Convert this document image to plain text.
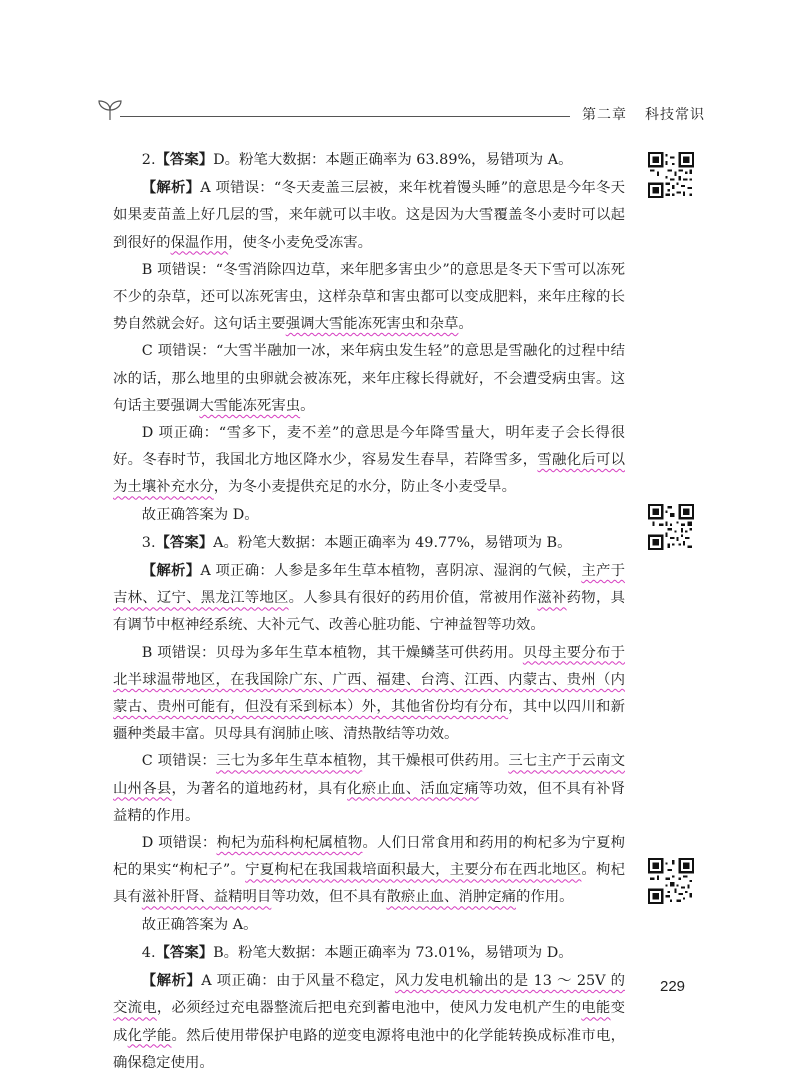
第二章 科技常识

2.【答案】D。粉笔大数据：本题正确率为 63.89%，易错项为 A。

【解析】A 项错误：“冬天麦盖三层被，来年枕着馒头睡”的意思是今年冬天如果麦苗盖上好几层的雪，来年就可以丰收。这是因为大雪覆盖冬小麦时可以起到很好的保温作用，使冬小麦免受冻害。

B 项错误：“冬雪消除四边草，来年肥多害虫少”的意思是冬天下雪可以冻死不少的杂草，还可以冻死害虫，这样杂草和害虫都可以变成肥料，来年庄稼的长势自然就会好。这句话主要强调大雪能冻死害虫和杂草。

C 项错误：“大雪半融加一冰，来年病虫发生轻”的意思是雪融化的过程中结冰的话，那么地里的虫卵就会被冻死，来年庄稼长得就好，不会遭受病虫害。这句话主要强调大雪能冻死害虫。

D 项正确：“雪多下，麦不差”的意思是今年降雪量大，明年麦子会长得很好。冬春时节，我国北方地区降水少，容易发生春旱，若降雪多，雪融化后可以为土壤补充水分，为冬小麦提供充足的水分，防止冬小麦受旱。

故正确答案为 D。

3.【答案】A。粉笔大数据：本题正确率为 49.77%，易错项为 B。

【解析】A 项正确：人参是多年生草本植物，喜阴凉、湿润的气候，主产于吉林、辽宁、黑龙江等地区。人参具有很好的药用价值，常被用作滋补药物，具有调节中枢神经系统、大补元气、改善心脏功能、宁神益智等功效。

B 项错误：贝母为多年生草本植物，其干燥鳞茎可供药用。贝母主要分布于北半球温带地区，在我国除广东、广西、福建、台湾、江西、内蒙古、贵州（内蒙古、贵州可能有，但没有采到标本）外，其他省份均有分布，其中以四川和新疆种类最丰富。贝母具有润肺止咳、清热散结等功效。

C 项错误：三七为多年生草本植物，其干燥根可供药用。三七主产于云南文山州各县，为著名的道地药材，具有化瘀止血、活血定痛等功效，但不具有补肾益精的作用。

D 项错误：枸杞为茄科枸杞属植物。人们日常食用和药用的枸杞多为宁夏枸杞的果实“枸杞子”。宁夏枸杞在我国栽培面积最大，主要分布在西北地区。枸杞具有滋补肝肾、益精明目等功效，但不具有散瘀止血、消肿定痛的作用。

故正确答案为 A。

4.【答案】B。粉笔大数据：本题正确率为 73.01%，易错项为 D。

【解析】A 项正确：由于风量不稳定，风力发电机输出的是 13 ～ 25V 的交流电，必须经过充电器整流后把电充到蓄电池中，使风力发电机产生的电能变成化学能。然后使用带保护电路的逆变电源将电池中的化学能转换成标准市电，确保稳定使用。

229
